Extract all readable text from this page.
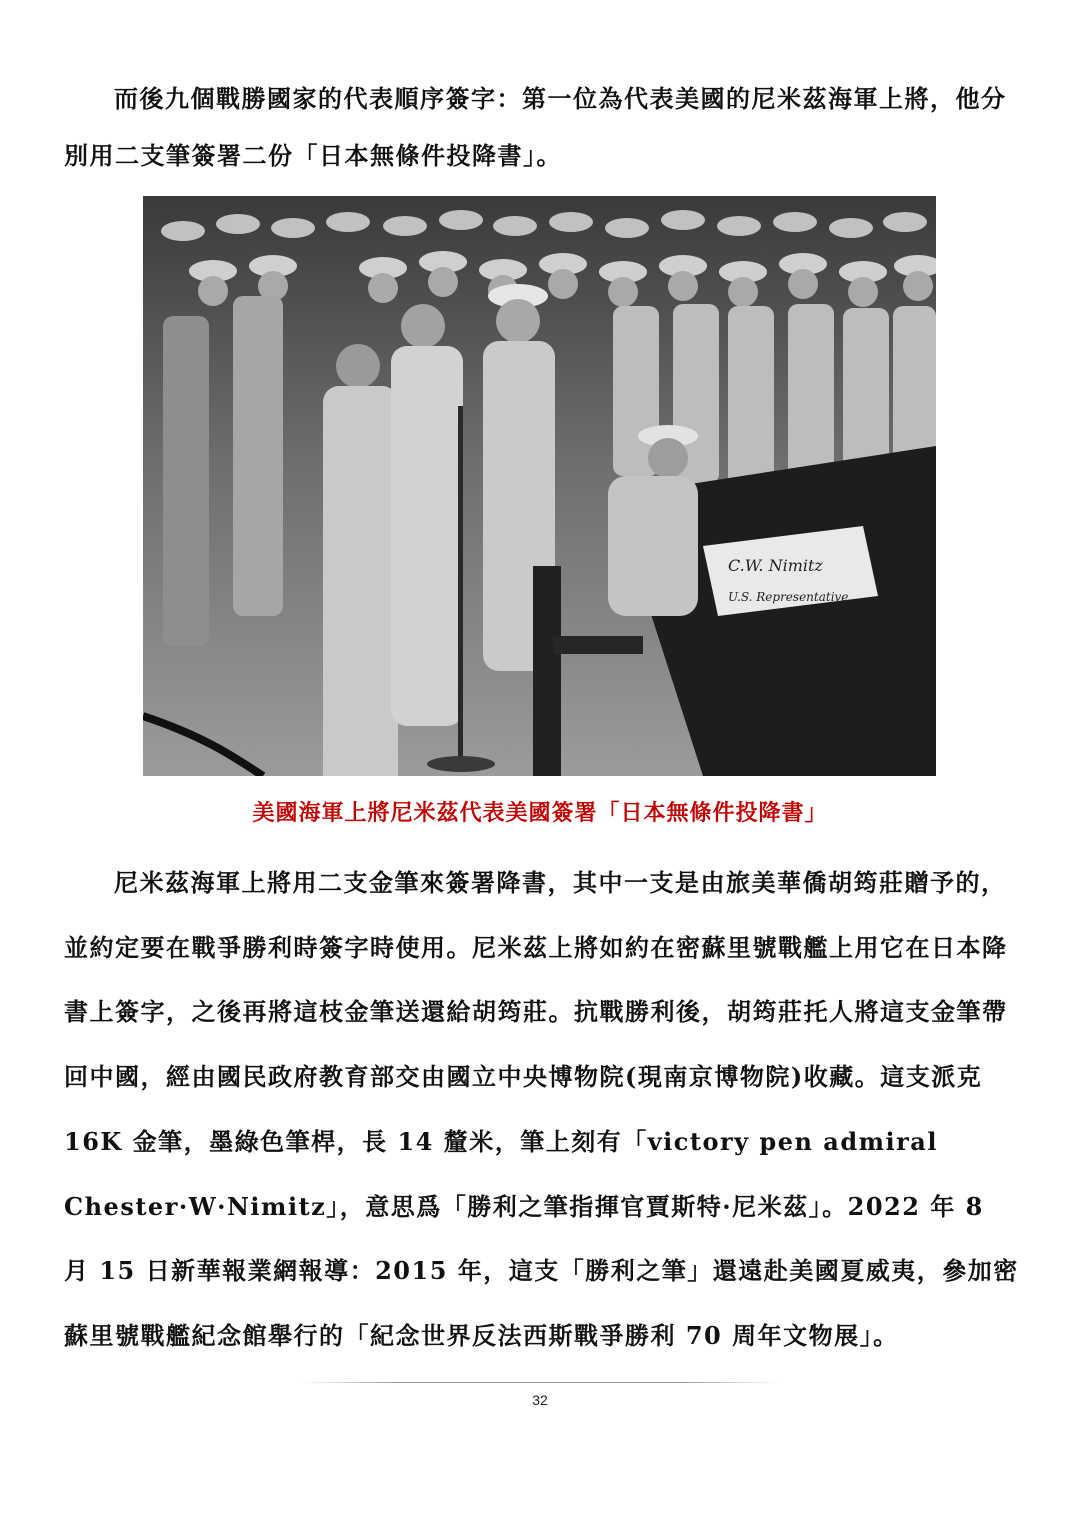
而後九個戰勝國家的代表順序簽字：第一位為代表美國的尼米茲海軍上將，他分別用二支筆簽署二份「日本無條件投降書」。

C.W. Nimitz
U.S. Representative
美國海軍上將尼米茲代表美國簽署「日本無條件投降書」

尼米茲海軍上將用二支金筆來簽署降書，其中一支是由旅美華僑胡筠莊贈予的，並約定要在戰爭勝利時簽字時使用。尼米茲上將如約在密蘇里號戰艦上用它在日本降書上簽字，之後再將這枝金筆送還給胡筠莊。抗戰勝利後，胡筠莊托人將這支金筆帶回中國，經由國民政府教育部交由國立中央博物院(現南京博物院)收藏。這支派克 16K 金筆，墨綠色筆桿，長 14 釐米，筆上刻有「victory pen admiral Chester·W·Nimitz」，意思爲「勝利之筆指揮官賈斯特·尼米茲」。2022 年 8 月 15 日新華報業網報導：2015 年，這支「勝利之筆」還遠赴美國夏威夷，參加密蘇里號戰艦紀念館舉行的「紀念世界反法西斯戰爭勝利 70 周年文物展」。

32
